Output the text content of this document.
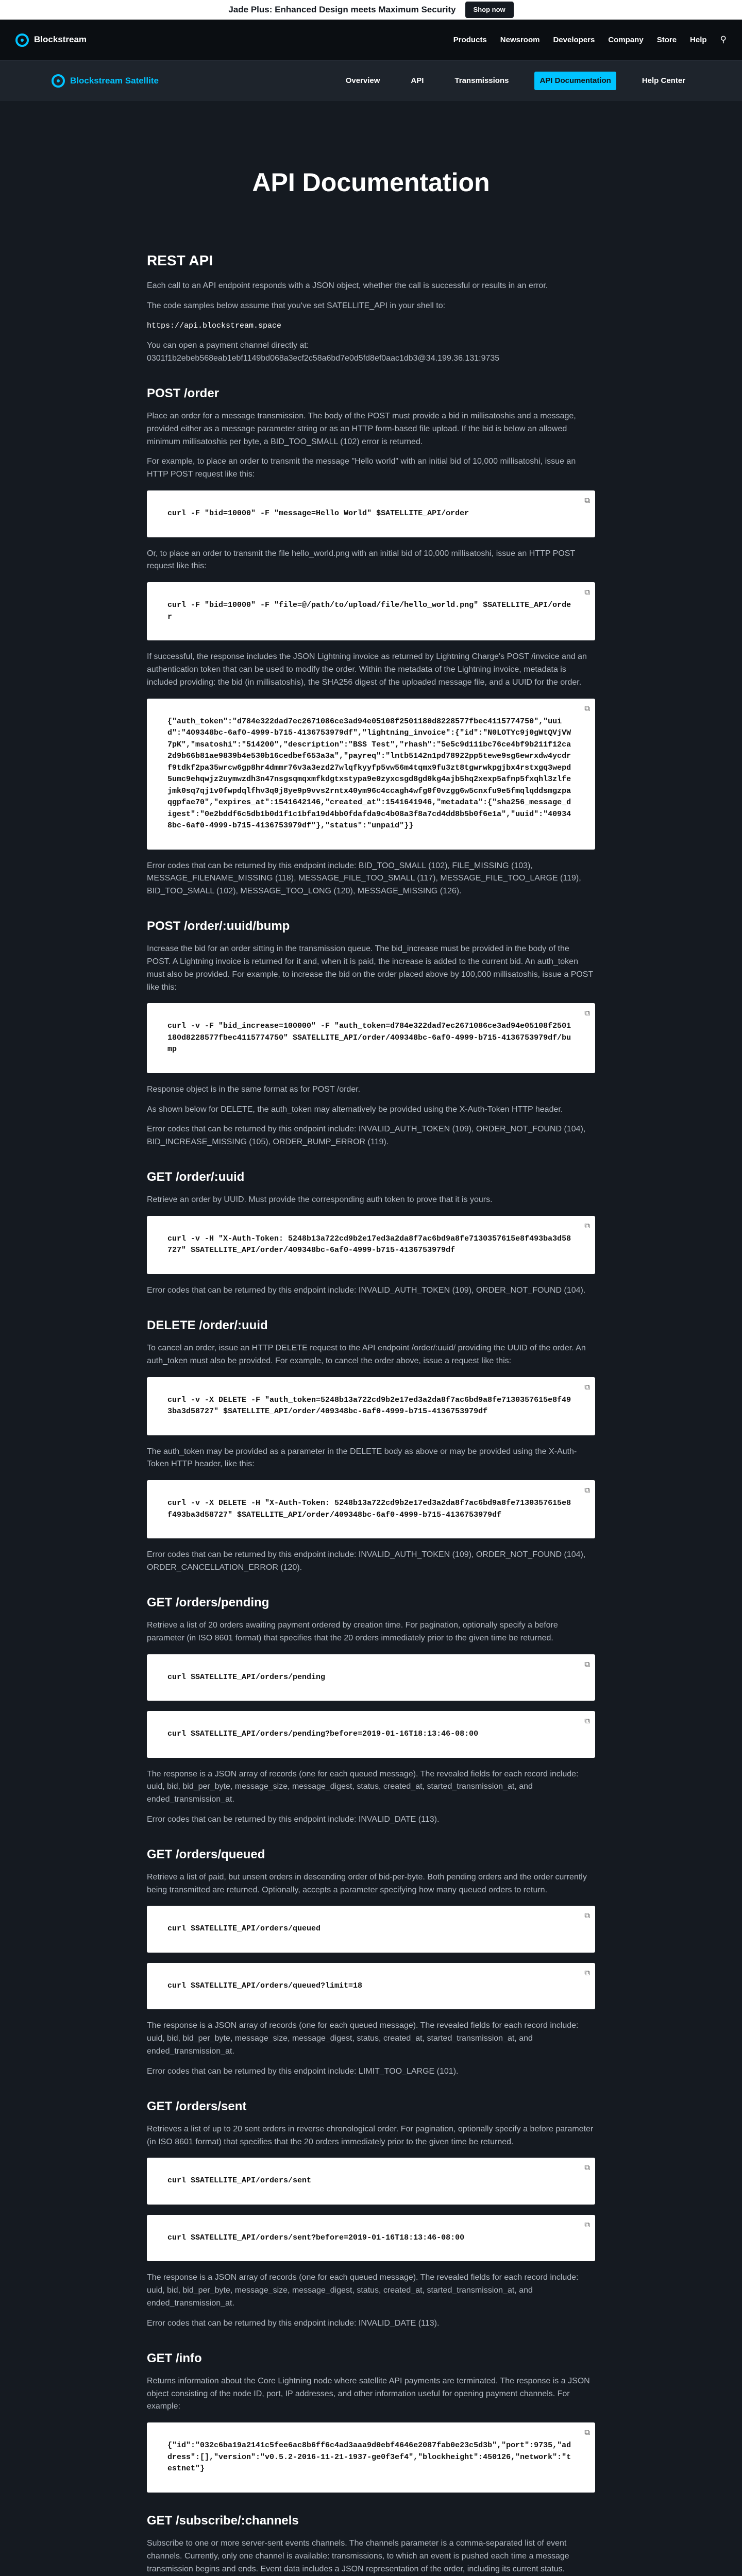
Jade Plus: Enhanced Design meets Maximum Security	Shop now
Blockstream	Products Newsroom Developers Company Store Help ⚲
Blockstream Satellite	Overview	API	Transmissions	API Documentation	Help Center
API Documentation
REST API

Each call to an API endpoint responds with a JSON object, whether the call is successful or results in an error.

The code samples below assume that you've set SATELLITE_API in your shell to:

https://api.blockstream.space

You can open a payment channel directly at: 0301f1b2ebeb568eab1ebf1149bd068a3ecf2c58a6bd7e0d5fd8ef0aac1db3@34.199.36.131:9735

POST /order

Place an order for a message transmission. The body of the POST must provide a bid in millisatoshis and a message, provided either as a message parameter string or as an HTTP form-based file upload. If the bid is below an allowed minimum millisatoshis per byte, a BID_TOO_SMALL (102) error is returned.

For example, to place an order to transmit the message "Hello world" with an initial bid of 10,000 millisatoshi, issue an HTTP POST request like this:

curl -F "bid=10000" -F "message=Hello World" $SATELLITE_API/order
⧉

Or, to place an order to transmit the file hello_world.png with an initial bid of 10,000 millisatoshi, issue an HTTP POST request like this:

curl -F "bid=10000" -F "file=@/path/to/upload/file/hello_world.png" $SATELLITE_API/order
⧉

If successful, the response includes the JSON Lightning invoice as returned by Lightning Charge's POST /invoice and an authentication token that can be used to modify the order. Within the metadata of the Lightning invoice, metadata is included providing: the bid (in millisatoshis), the SHA256 digest of the uploaded message file, and a UUID for the order.

{"auth_token":"d784e322dad7ec2671086ce3ad94e05108f2501180d8228577fbec4115774750","uuid":"409348bc-6af0-4999-b715-4136753979df","lightning_invoice":{"id":"N0LOTYc9j0gWtQVjVW7pK","msatoshi":"514200","description":"BSS Test","rhash":"5e5c9d111bc76ce4bf9b211f12ca2d9b66b81ae9839b4e530b16cedbef653a3a","payreq":"lntb5142n1pd78922pp5tewe9sg6ewrxdw4ycdrf9tdkf2pa35wrcw6gp8hr4dmmr76v3a3ezd27wlqfkyyfp5vw56m4tqmx9fu3zt8tgwrwkpgjbx4rstxgq3wepd5umc9ehqwjz2uymwzdh3n47nsgsqmqxmfkdgtxstypa9e0zyxcsgd8gd0kg4ajb5hq2xexp5afnp5fxqhl3zlfejmk0sq7qj1v0fwpdqlfhv3q0j8ye9p9vvs2rntx40ym96c4ccagh4wfg0f0vzgg6w5cnxfu9e5fmqlqddsmgzpaqgpfae70","expires_at":1541642146,"created_at":1541641946,"metadata":{"sha256_message_digest":"0e2bddf6c5db1b0d1f1c1bfa19d4bb0fdafda9c4b08a3f8a7cd4dd8b5b0f6e1a","uuid":"409348bc-6af0-4999-b715-4136753979df"},"status":"unpaid"}}
⧉

Error codes that can be returned by this endpoint include: BID_TOO_SMALL (102), FILE_MISSING (103), MESSAGE_FILENAME_MISSING (118), MESSAGE_FILE_TOO_SMALL (117), MESSAGE_FILE_TOO_LARGE (119), BID_TOO_SMALL (102), MESSAGE_TOO_LONG (120), MESSAGE_MISSING (126).

POST /order/:uuid/bump

Increase the bid for an order sitting in the transmission queue. The bid_increase must be provided in the body of the POST. A Lightning invoice is returned for it and, when it is paid, the increase is added to the current bid. An auth_token must also be provided. For example, to increase the bid on the order placed above by 100,000 millisatoshis, issue a POST like this:

curl -v -F "bid_increase=100000" -F "auth_token=d784e322dad7ec2671086ce3ad94e05108f2501180d8228577fbec4115774750" $SATELLITE_API/order/409348bc-6af0-4999-b715-4136753979df/bump
⧉

Response object is in the same format as for POST /order.

As shown below for DELETE, the auth_token may alternatively be provided using the X-Auth-Token HTTP header.

Error codes that can be returned by this endpoint include: INVALID_AUTH_TOKEN (109), ORDER_NOT_FOUND (104), BID_INCREASE_MISSING (105), ORDER_BUMP_ERROR (119).

GET /order/:uuid

Retrieve an order by UUID. Must provide the corresponding auth token to prove that it is yours.

curl -v -H "X-Auth-Token: 5248b13a722cd9b2e17ed3a2da8f7ac6bd9a8fe7130357615e8f493ba3d58727" $SATELLITE_API/order/409348bc-6af0-4999-b715-4136753979df
⧉

Error codes that can be returned by this endpoint include: INVALID_AUTH_TOKEN (109), ORDER_NOT_FOUND (104).

DELETE /order/:uuid

To cancel an order, issue an HTTP DELETE request to the API endpoint /order/:uuid/ providing the UUID of the order. An auth_token must also be provided. For example, to cancel the order above, issue a request like this:

curl -v -X DELETE -F "auth_token=5248b13a722cd9b2e17ed3a2da8f7ac6bd9a8fe7130357615e8f493ba3d58727" $SATELLITE_API/order/409348bc-6af0-4999-b715-4136753979df
⧉

The auth_token may be provided as a parameter in the DELETE body as above or may be provided using the X-Auth-Token HTTP header, like this:

curl -v -X DELETE -H "X-Auth-Token: 5248b13a722cd9b2e17ed3a2da8f7ac6bd9a8fe7130357615e8f493ba3d58727" $SATELLITE_API/order/409348bc-6af0-4999-b715-4136753979df
⧉

Error codes that can be returned by this endpoint include: INVALID_AUTH_TOKEN (109), ORDER_NOT_FOUND (104), ORDER_CANCELLATION_ERROR (120).

GET /orders/pending

Retrieve a list of 20 orders awaiting payment ordered by creation time. For pagination, optionally specify a before parameter (in ISO 8601 format) that specifies that the 20 orders immediately prior to the given time be returned.

curl $SATELLITE_API/orders/pending
⧉
curl $SATELLITE_API/orders/pending?before=2019-01-16T18:13:46-08:00
⧉

The response is a JSON array of records (one for each queued message). The revealed fields for each record include: uuid, bid, bid_per_byte, message_size, message_digest, status, created_at, started_transmission_at, and ended_transmission_at.

Error codes that can be returned by this endpoint include: INVALID_DATE (113).

GET /orders/queued

Retrieve a list of paid, but unsent orders in descending order of bid-per-byte. Both pending orders and the order currently being transmitted are returned. Optionally, accepts a parameter specifying how many queued orders to return.

curl $SATELLITE_API/orders/queued
⧉
curl $SATELLITE_API/orders/queued?limit=18
⧉

The response is a JSON array of records (one for each queued message). The revealed fields for each record include: uuid, bid, bid_per_byte, message_size, message_digest, status, created_at, started_transmission_at, and ended_transmission_at.

Error codes that can be returned by this endpoint include: LIMIT_TOO_LARGE (101).

GET /orders/sent

Retrieves a list of up to 20 sent orders in reverse chronological order. For pagination, optionally specify a before parameter (in ISO 8601 format) that specifies that the 20 orders immediately prior to the given time be returned.

curl $SATELLITE_API/orders/sent
⧉
curl $SATELLITE_API/orders/sent?before=2019-01-16T18:13:46-08:00
⧉

The response is a JSON array of records (one for each queued message). The revealed fields for each record include: uuid, bid, bid_per_byte, message_size, message_digest, status, created_at, started_transmission_at, and ended_transmission_at.

Error codes that can be returned by this endpoint include: INVALID_DATE (113).

GET /info

Returns information about the Core Lightning node where satellite API payments are terminated. The response is a JSON object consisting of the node ID, port, IP addresses, and other information useful for opening payment channels. For example:

{"id":"032c6ba19a2141c5fee6ac8b6ff6c4ad3aaa9d0ebf4646e2087fab0e23c5d3b","port":9735,"address":[],"version":"v0.5.2-2016-11-21-1937-ge0f3ef4","blockheight":450126,"network":"testnet"}
⧉
GET /subscribe/:channels

Subscribe to one or more server-sent events channels. The channels parameter is a comma-separated list of event channels. Currently, only one channel is available: transmissions, to which an event is pushed each time a message transmission begins and ends. Event data includes a JSON representation of the order, including its current status.
